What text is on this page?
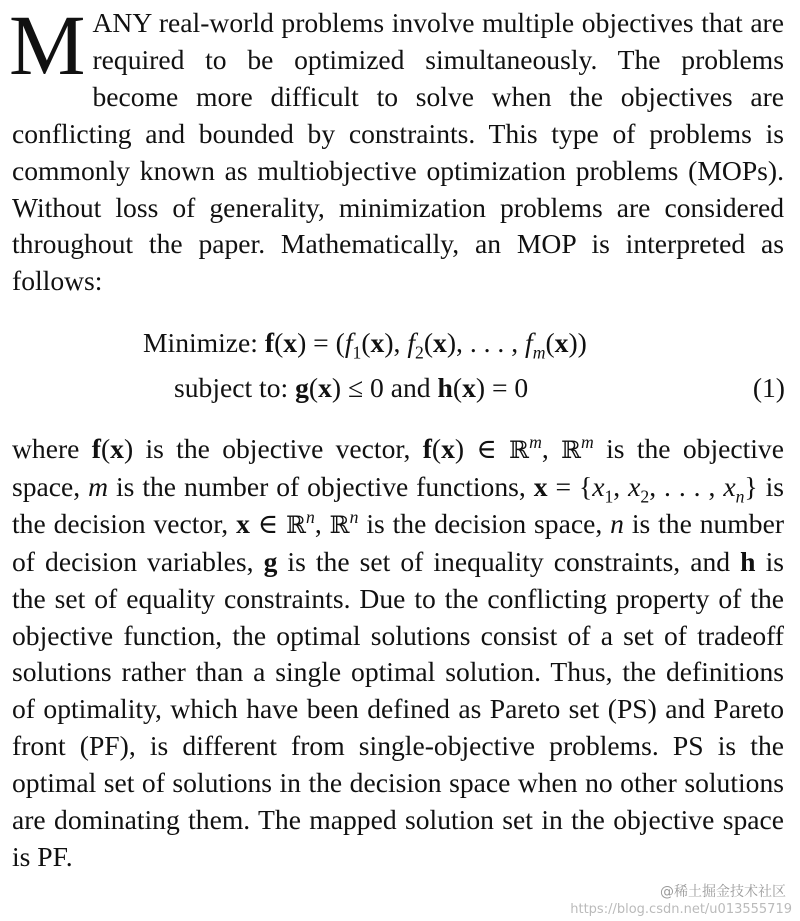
MANY real-world problems involve multiple objectives that are required to be optimized simultaneously. The problems become more difficult to solve when the objectives are conflicting and bounded by constraints. This type of problems is commonly known as multiobjective optimization problems (MOPs). Without loss of generality, minimization problems are considered throughout the paper. Mathematically, an MOP is interpreted as follows:

Minimize: $f(x) = (f_1(x)$, $f_2(x)$, . . . , $f_m(x)$)
subject to: g(x) ≤ 0 and h(x) = 0	(1)

where f(x) is the objective vector, f(x) ∈ ℝ$^m$, ℝ$^m$ is the objective space, m is the number of objective functions, $x = \{x_1$, $x_2$, . . . , $x_n$} is the decision vector, x ∈ ℝ$^n$, ℝ$^n$ is the decision space, n is the number of decision variables, g is the set of inequality constraints, and h is the set of equality constraints. Due to the conflicting property of the objective function, the optimal solutions consist of a set of tradeoff solutions rather than a single optimal solution. Thus, the definitions of optimality, which have been defined as Pareto set (PS) and Pareto front (PF), is different from single-objective problems. PS is the optimal set of solutions in the decision space when no other solutions are dominating them. The mapped solution set in the objective space is PF.

@稀土掘金技术社区
https://blog.csdn.net/u013555719
